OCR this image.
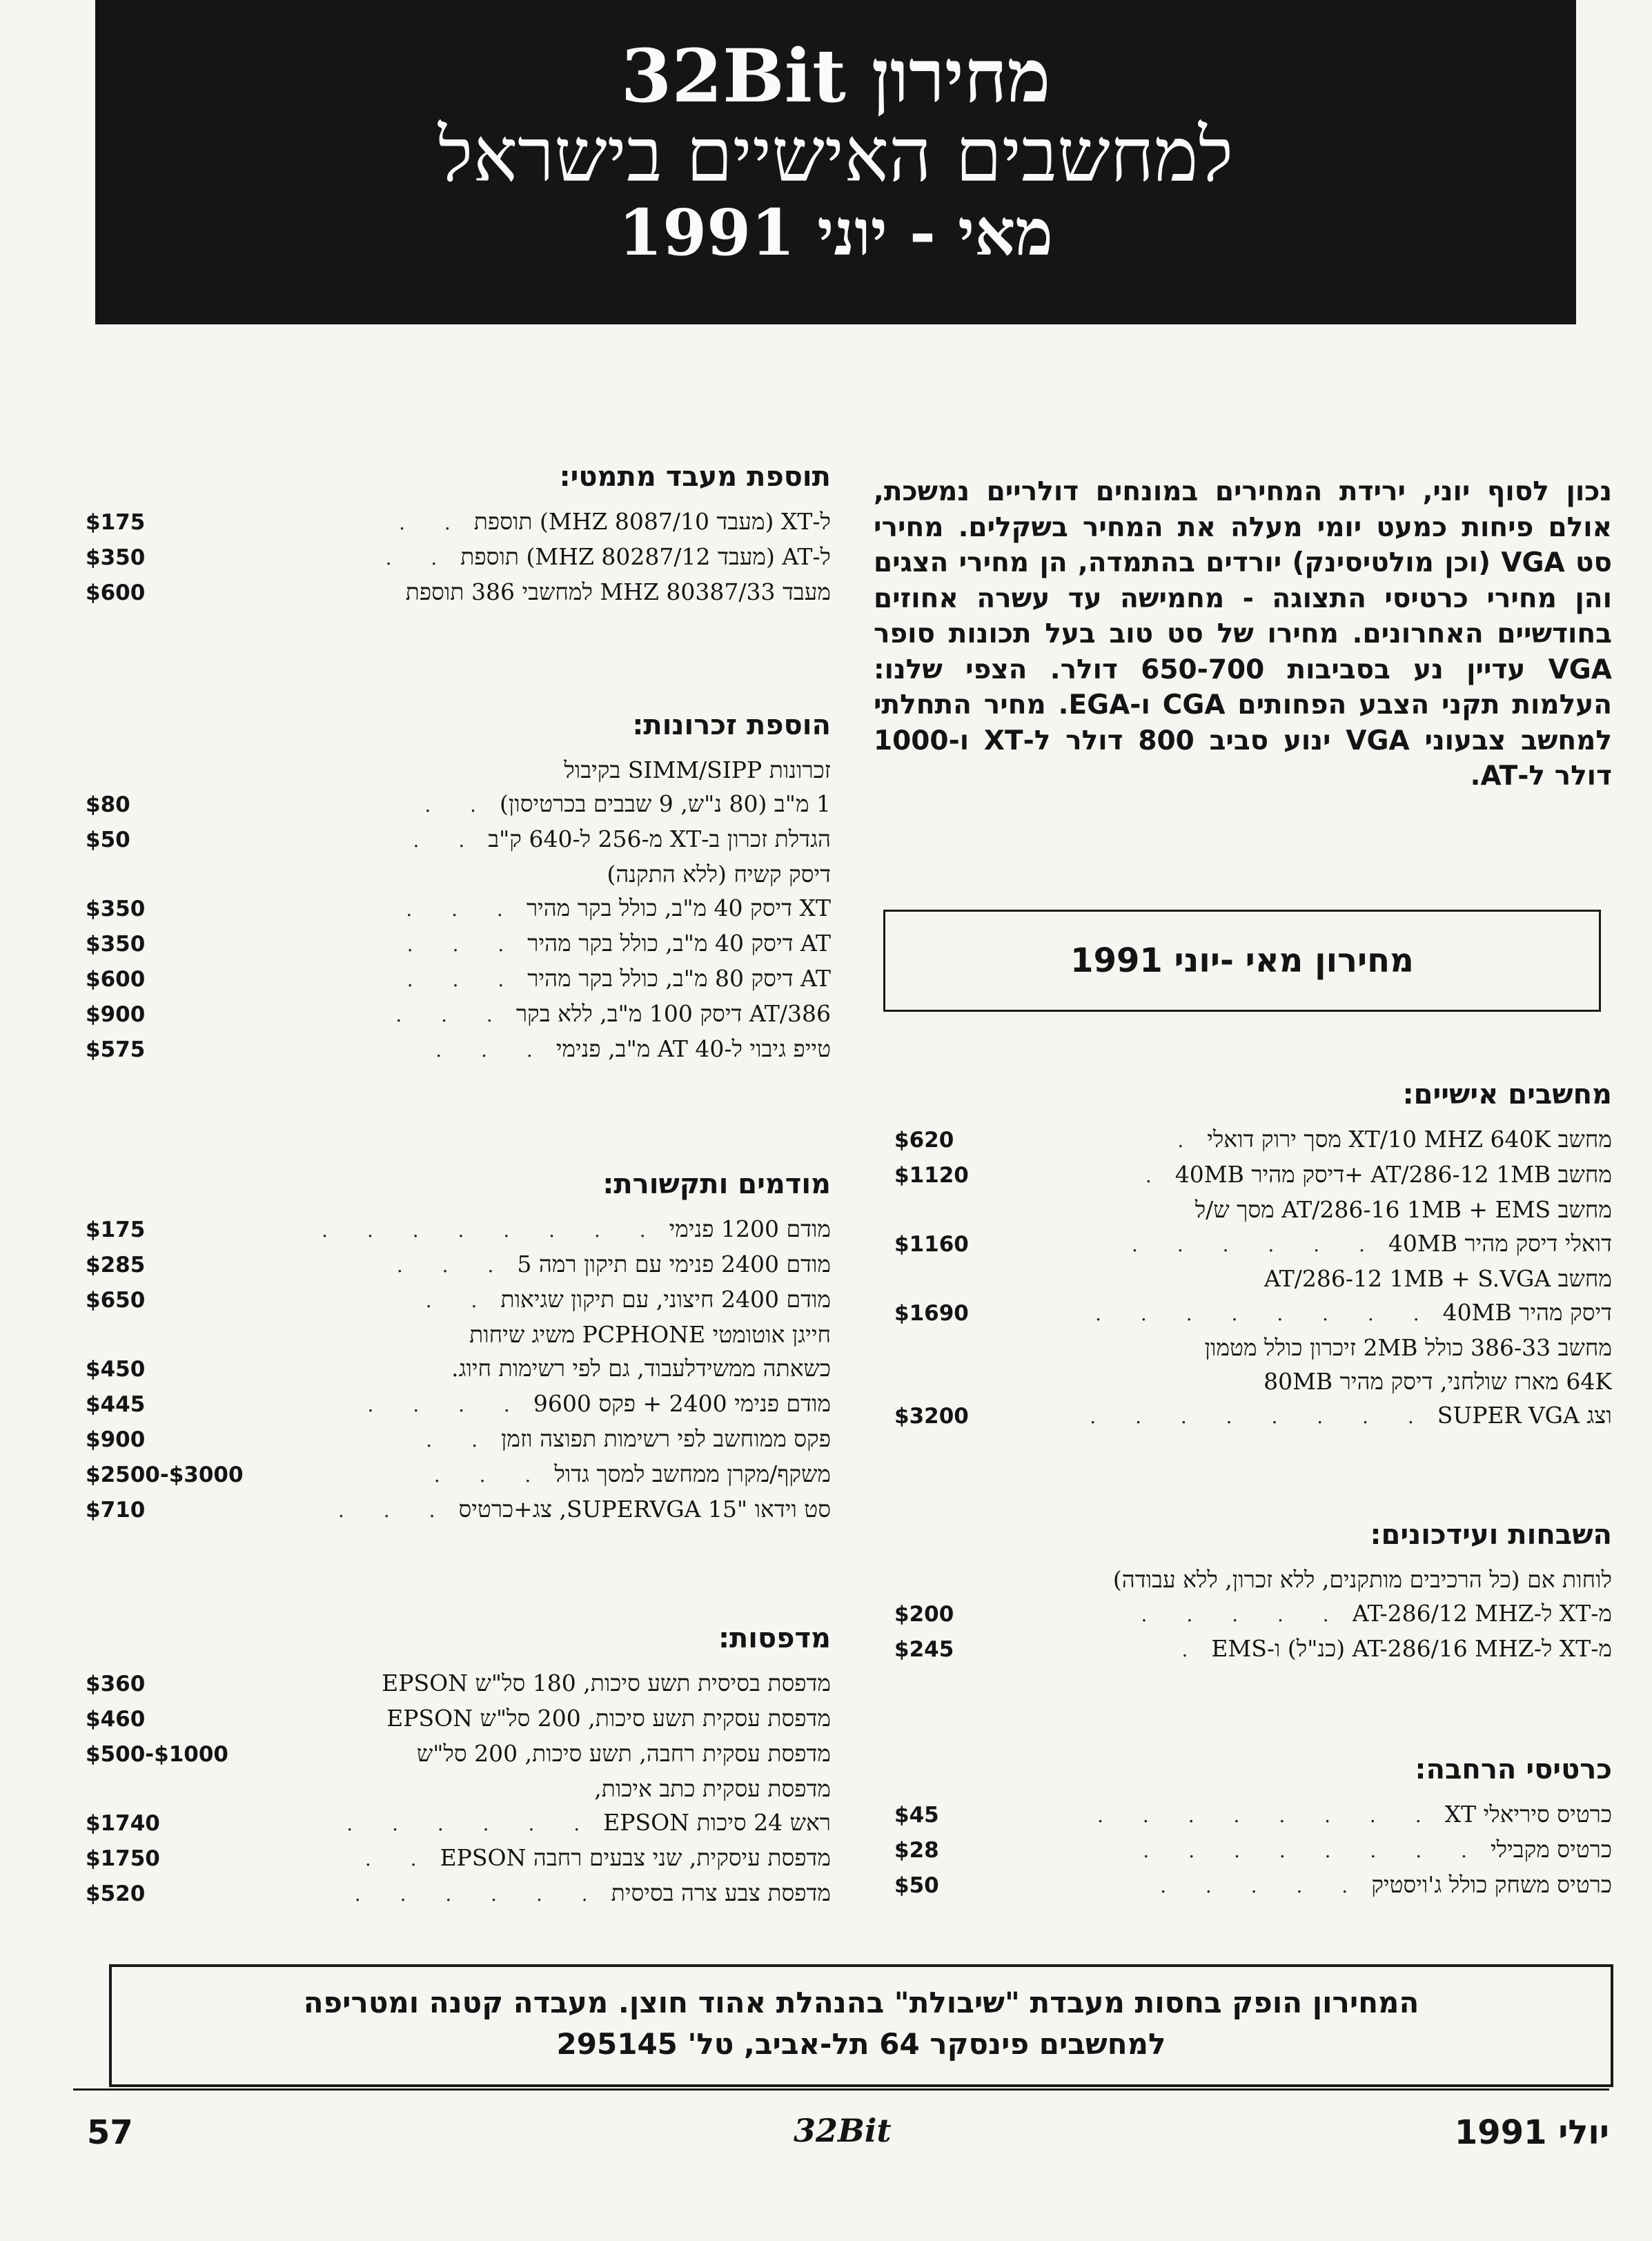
מחירון 32Bit
למחשבים האישיים בישראל
מאי - יוני 1991

נכון לסוף יוני, ירידת המחירים במונחים דולריים נמשכת, אולם פיחות כמעט יומי מעלה את המחיר בשקלים. מחירי סט VGA (וכן מולטיסינק) יורדים בהתמדה, הן מחירי הצגים והן מחירי כרטיסי התצוגה - מחמישה עד עשרה אחוזים בחודשיים האחרונים. מחירו של סט טוב בעל תכונות סופר VGA עדיין נע בסביבות 650-700 דולר. הצפי שלנו: העלמות תקני הצבע הפחותים CGA ו-EGA. מחיר התחלתי למחשב צבעוני VGA ינוע סביב 800 דולר ל-XT ו-1000 דולר ל-AT.

מחירון מאי -יוני 1991
מחשבים אישיים:
מחשב XT/10 MHZ 640K מסך ירוק דואלי
.
$620
מחשב AT/286-12 1MB +דיסק מהיר 40MB
.
$1120
מחשב AT/286-16 1MB + EMS מסך ש/ל
דואלי דיסק מהיר 40MB
. . . . . .
$1160
מחשב AT/286-12 1MB + S.VGA
דיסק מהיר 40MB
. . . . . . . .
$1690
מחשב 386-33 כולל 2MB זיכרון כולל מטמון
64K מארז שולחני, דיסק מהיר 80MB
וצג SUPER VGA
. . . . . . . .
$3200
השבחות ועידכונים:
לוחות אם (כל הרכיבים מותקנים, ללא זכרון, ללא עבודה)
מ-XT ל-AT-286/12 MHZ
. . . . .
$200
מ-XT ל-AT-286/16 MHZ (כנ"ל) ו-EMS
.
$245
כרטיסי הרחבה:
כרטיס סיריאלי XT
. . . . . . . .
$45
כרטיס מקבילי
. . . . . . . .
$28
כרטיס משחק כולל ג'ויסטיק
. . . . .
$50
תוספת מעבד מתמטי:
ל-XT (מעבד 8087/10 MHZ) תוספת
. .
$175
ל-AT (מעבד 80287/12 MHZ) תוספת
. .
$350
מעבד 80387/33 MHZ למחשבי 386 תוספת
$600
הוספת זכרונות:
זכרונות SIMM/SIPP בקיבול
1 מ"ב (80 נ"ש, 9 שבבים בכרטיסון)
. .
$80
הגדלת זכרון ב-XT מ-256 ל-640 ק"ב
. .
$50
דיסק קשיח (ללא התקנה)
XT דיסק 40 מ"ב, כולל בקר מהיר
. . .
$350
AT דיסק 40 מ"ב, כולל בקר מהיר
. . .
$350
AT דיסק 80 מ"ב, כולל בקר מהיר
. . .
$600
AT/386 דיסק 100 מ"ב, ללא בקר
. . .
$900
טייפ גיבוי ל-AT 40 מ"ב, פנימי
. . .
$575
מודמים ותקשורת:
מודם 1200 פנימי
. . . . . . . .
$175
מודם 2400 פנימי עם תיקון רמה 5
. . .
$285
מודם 2400 חיצוני, עם תיקון שגיאות
. .
$650
חייגן אוטומטי PCPHONE משיג שיחות
כשאתה ממשידלעבוד, גם לפי רשימות חיוג.
$450
מודם פנימי 2400 + פקס 9600
. . . .
$445
פקס ממוחשב לפי רשימות תפוצה וזמן
. .
$900
משקף/מקרן ממחשב למסך גדול
. . .
$2500-$3000
סט וידאו "15 SUPERVGA, צג+כרטיס
. . .
$710
מדפסות:
מדפסת בסיסית תשע סיכות, 180 סל"ש EPSON
$360
מדפסת עסקית תשע סיכות, 200 סל"ש EPSON
$460
מדפסת עסקית רחבה, תשע סיכות, 200 סל"ש
$500-$1000
מדפסת עסקית כתב איכות,
ראש 24 סיכות EPSON
. . . . . .
$1740
מדפסת עיסקית, שני צבעים רחבה EPSON
. .
$1750
מדפסת צבע צרה בסיסית
. . . . . .
$520
המחירון הופק בחסות מעבדת "שיבולת" בהנהלת אהוד חוצן. מעבדה קטנה ומטריפה
למחשבים פינסקר 64 תל-אביב, טל' 295145
57	32Bit	יולי 1991
